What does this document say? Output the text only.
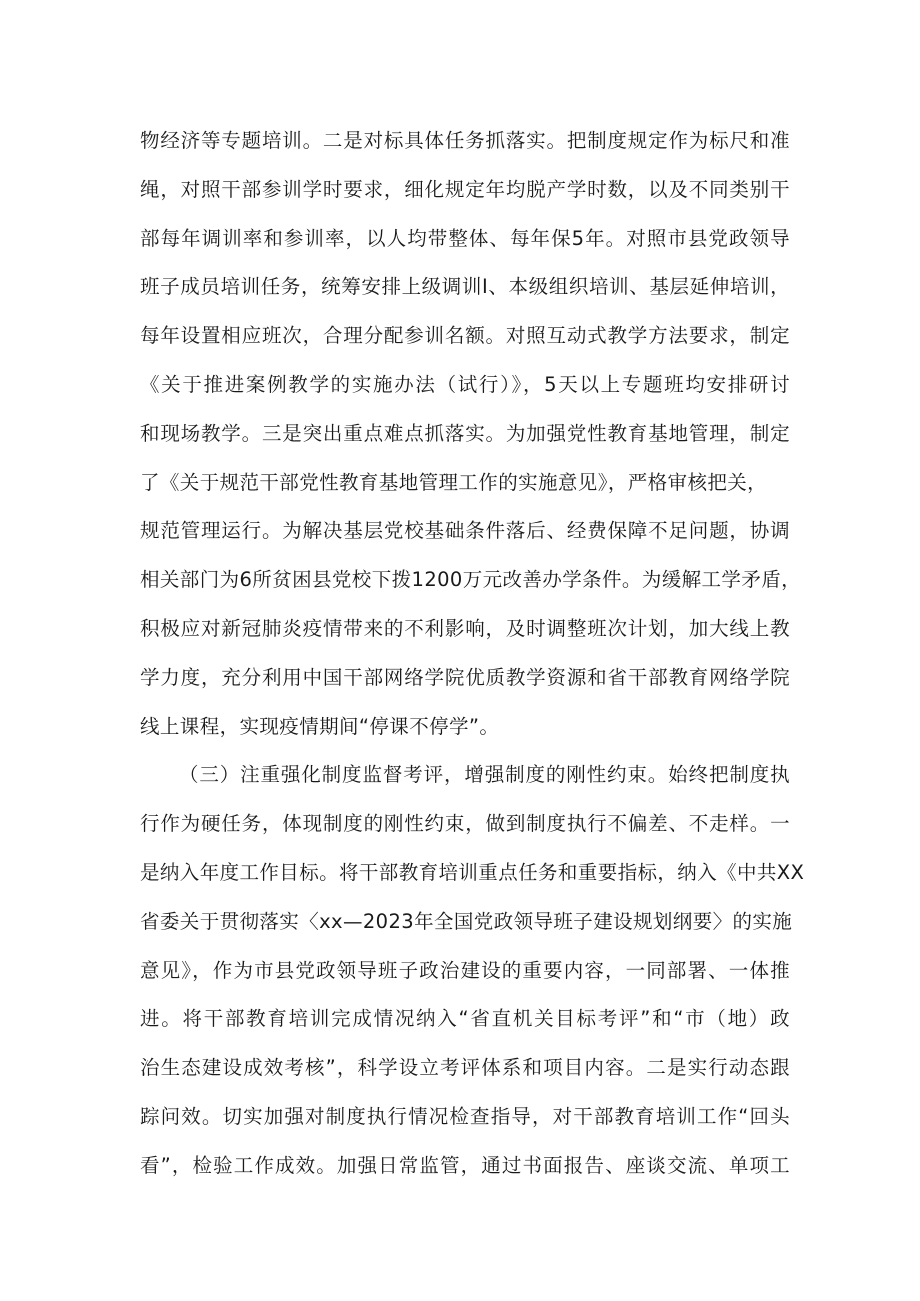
物经济等专题培训。二是对标具体任务抓落实。把制度规定作为标尺和准
绳，对照干部参训学时要求，细化规定年均脱产学时数，以及不同类别干
部每年调训率和参训率，以人均带整体、每年保5年。对照市县党政领导
班子成员培训任务，统筹安排上级调训I、本级组织培训、基层延伸培训，
每年设置相应班次，合理分配参训名额。对照互动式教学方法要求，制定
《关于推进案例教学的实施办法（试行）》，5天以上专题班均安排研讨
和现场教学。三是突出重点难点抓落实。为加强党性教育基地管理，制定
了《关于规范干部党性教育基地管理工作的实施意见》，严格审核把关，
规范管理运行。为解决基层党校基础条件落后、经费保障不足问题，协调
相关部门为6所贫困县党校下拨1200万元改善办学条件。为缓解工学矛盾，
积极应对新冠肺炎疫情带来的不利影响，及时调整班次计划，加大线上教
学力度，充分利用中国干部网络学院优质教学资源和省干部教育网络学院
线上课程，实现疫情期间“停课不停学”。
（三）注重强化制度监督考评，增强制度的刚性约束。始终把制度执
行作为硬任务，体现制度的刚性约束，做到制度执行不偏差、不走样。一
是纳入年度工作目标。将干部教育培训重点任务和重要指标，纳入《中共XX
省委关于贯彻落实〈xx—2023年全国党政领导班子建设规划纲要〉的实施
意见》，作为市县党政领导班子政治建设的重要内容，一同部署、一体推
进。将干部教育培训完成情况纳入“省直机关目标考评”和“市（地）政
治生态建设成效考核”，科学设立考评体系和项目内容。二是实行动态跟
踪问效。切实加强对制度执行情况检查指导，对干部教育培训工作“回头
看”，检验工作成效。加强日常监管，通过书面报告、座谈交流、单项工
